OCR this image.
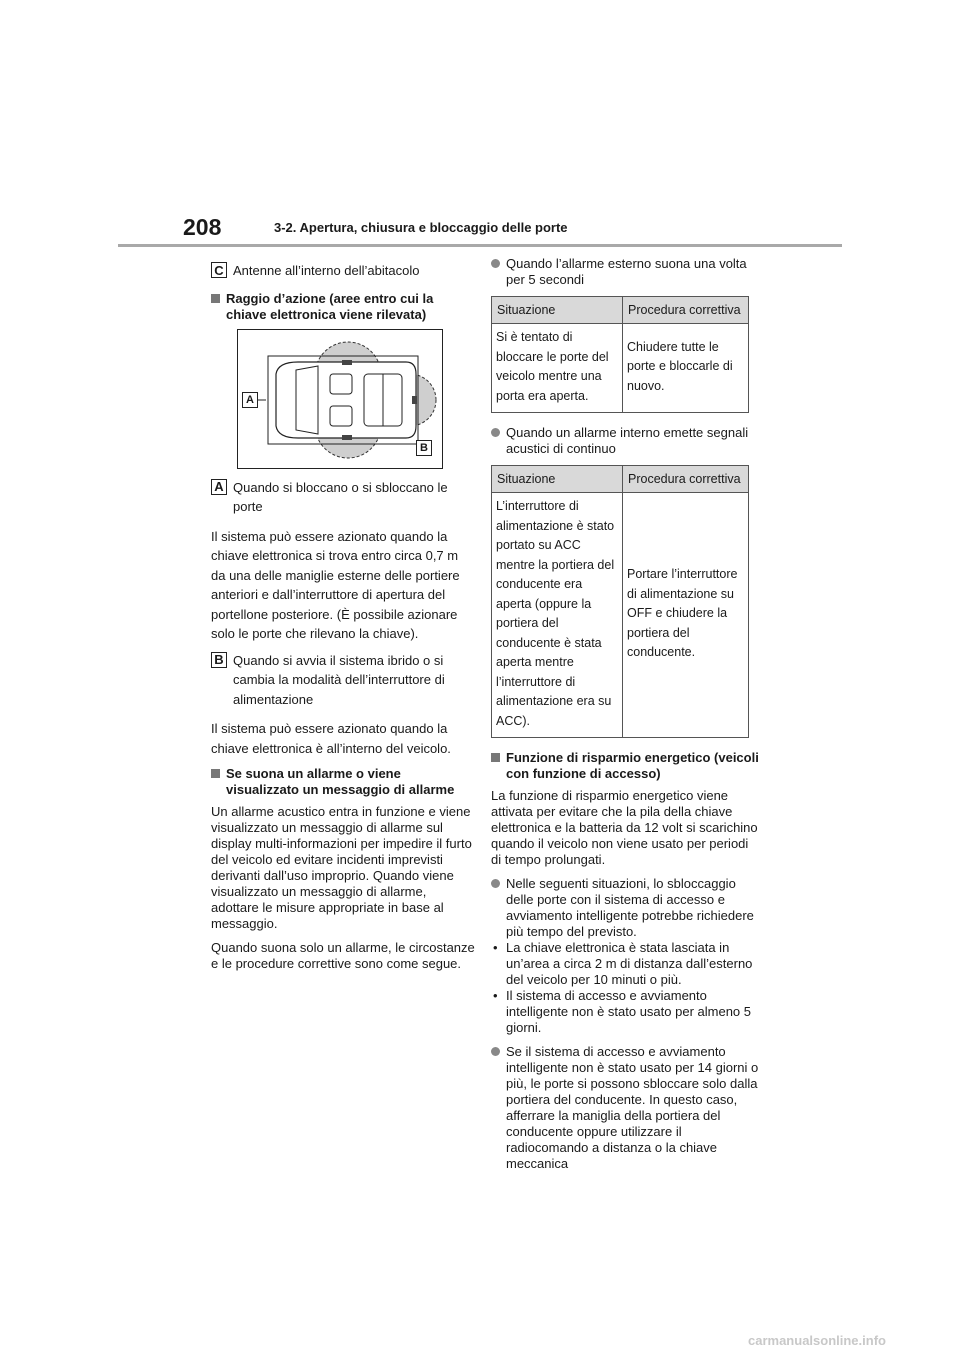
208	3-2. Apertura, chiusura e bloccaggio delle porte
C Antenne all’interno dell’abitacolo
Raggio d’azione (aree entro cui la chiave elettronica viene rilevata)
A
B
A Quando si bloccano o si sbloccano le porte

Il sistema può essere azionato quando la chiave elettronica si trova entro circa 0,7 m da una delle maniglie esterne delle portiere anteriori e dall’interruttore di apertura del portellone posteriore. (È possibile azionare solo le porte che rilevano la chiave).

B Quando si avvia il sistema ibrido o si cambia la modalità dell’interruttore di alimentazione

Il sistema può essere azionato quando la chiave elettronica è all’interno del veicolo.

Se suona un allarme o viene visualizzato un messaggio di allarme

Un allarme acustico entra in funzione e viene visualizzato un messaggio di allarme sul display multi-informazioni per impedire il furto del veicolo ed evitare incidenti imprevisti derivanti dall’uso improprio. Quando viene visualizzato un messaggio di allarme, adottare le misure appropriate in base al messaggio.

Quando suona solo un allarme, le circostanze e le procedure correttive sono come segue.

Quando l’allarme esterno suona una volta per 5 secondi
Situazione	Procedura correttiva
Si è tentato di bloccare le porte del veicolo mentre una porta era aperta.	Chiudere tutte le porte e bloccarle di nuovo.
Quando un allarme interno emette segnali acustici di continuo
Situazione	Procedura correttiva
L’interruttore di alimentazione è stato portato su ACC mentre la portiera del conducente era aperta (oppure la portiera del conducente è stata aperta mentre l’interruttore di alimentazione era su ACC).	Portare l’interruttore di alimentazione su OFF e chiudere la portiera del conducente.
Funzione di risparmio energetico (veicoli con funzione di accesso)

La funzione di risparmio energetico viene attivata per evitare che la pila della chiave elettronica e la batteria da 12 volt si scarichino quando il veicolo non viene usato per periodi di tempo prolungati.

Nelle seguenti situazioni, lo sbloccaggio delle porte con il sistema di accesso e avviamento intelligente potrebbe richiedere più tempo del previsto.
• La chiave elettronica è stata lasciata in un’area a circa 2 m di distanza dall’esterno del veicolo per 10 minuti o più.
• Il sistema di accesso e avviamento intelligente non è stato usato per almeno 5 giorni.
Se il sistema di accesso e avviamento intelligente non è stato usato per 14 giorni o più, le porte si possono sbloccare solo dalla portiera del conducente. In questo caso, afferrare la maniglia della portiera del conducente oppure utilizzare il radiocomando a distanza o la chiave meccanica
carmanualsonline.info
